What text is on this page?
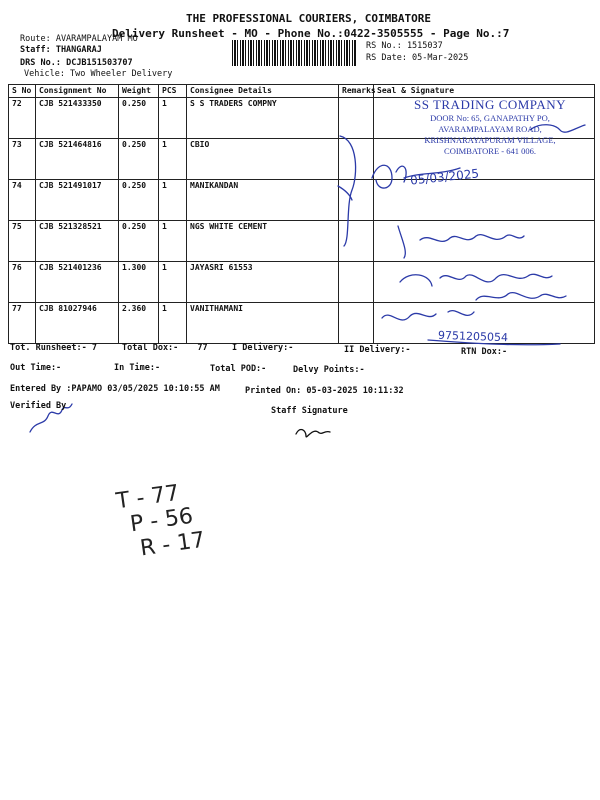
THE PROFESSIONAL COURIERS, COIMBATORE
Delivery Runsheet - MO - Phone No.:0422-3505555 - Page No.:7
Route: AVARAMPALAYAM MO
Staff: THANGARAJ
DRS No.: DCJB151503707
Vehicle: Two Wheeler Delivery
RS No.: 1515037
RS Date: 05-Mar-2025
S No	Consignment No	Weight	PCS	Consignee Details	Remarks	Seal & Signature
72	CJB 521433350	0.250	1	S S TRADERS COMPNY		
73	CJB 521464816	0.250	1	CBIO		
74	CJB 521491017	0.250	1	MANIKANDAN		
75	CJB 521328521	0.250	1	NGS WHITE CEMENT		
76	CJB 521401236	1.300	1	JAYASRI 61553		
77	CJB 81027946	2.360	1	VANITHAMANI		
SS TRADING COMPANY
DOOR No: 65, GANAPATHY PO,
AVARAMPALAYAM ROAD,
KRISHNARAYAPURAM VILLAGE,
COIMBATORE - 641 006.
05/03/2025
9751205054
Tot. Runsheet:- 7	Total Dox:- 77	I Delivery:-	II Delivery:-	RTN Dox:-
Out Time:-	In Time:-	Total POD:-	Delvy Points:-
Entered By :PAPAMO 03/05/2025 10:10:55 AM	Printed On: 05-03-2025 10:11:32
Verified By	Staff Signature
T - 77
P - 56
R - 17
